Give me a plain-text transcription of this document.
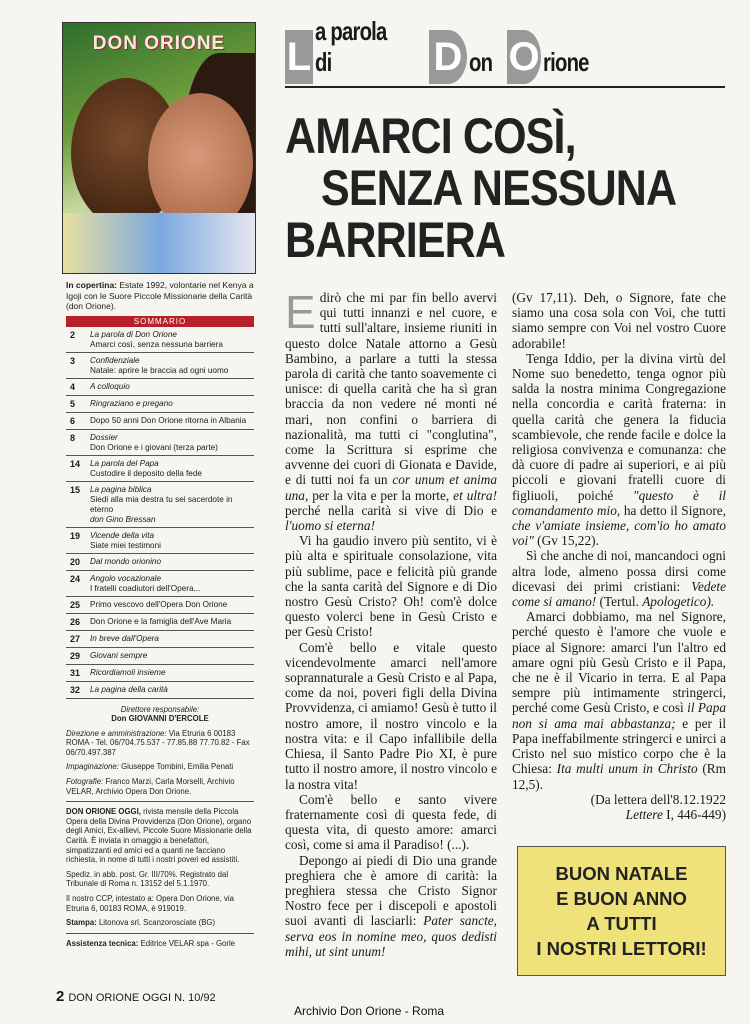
DON ORIONE
In copertina: Estate 1992, volontarie nel Kenya a Igoji con le Suore Piccole Missionarie della Carità (don Orione).
SOMMARIO
2	La parola di Don Orione
Amarci così, senza nessuna barriera
3	Confidenziale
Natale: aprire le braccia ad ogni uomo
4	A colloquio
5	Ringraziano e pregano
6	Dopo 50 anni Don Orione ritorna in Albania
8	Dossier
Don Orione e i giovani (terza parte)
14	La parola del Papa
Custodire il deposito della fede
15	La pagina biblica
Siedi alla mia destra tu sei sacerdote in eterno
don Gino Bressan
19	Vicende della vita
Siate miei testimoni
20	Dal mondo orionino
24	Angolo vocazionale
I fratelli coadiutori dell'Opera...
25	Primo vescovo dell'Opera Don Orione
26	Don Orione e la famiglia dell'Ave Maria
27	In breve dall'Opera
29	Giovani sempre
31	Ricordiamoli insieme
32	La pagina della carità

Direttore responsabile:
Don GIOVANNI D'ERCOLE

Direzione e amministrazione: Via Etruria 6 00183 ROMA - Tel. 06/704.75.537 - 77.85.88 77.70.82 - Fax 06/70.497.387

Impaginazione: Giuseppe Tombini, Emilia Penati

Fotografie: Franco Marzi, Carla Morselli, Archivio VELAR, Archivio Opera Don Orione.

DON ORIONE OGGI, rivista mensile della Piccola Opera della Divina Provvidenza (Don Orione), organo degli Amici, Ex-allievi, Piccole Suore Missionarie della Carità. È inviata in omaggio a benefattori, simpatizzanti ed amici ed a quanti ne facciano richiesta, in nome di tutti i nostri poveri ed assistiti.

Spediz. in abb. post. Gr. III/70%. Registrato dal Tribunale di Roma n. 13152 del 5.1.1970.

Il nostro CCP, intestato a: Opera Don Orione, via Etruria 6, 00183 ROMA, è 919019.

Stampa: Litonova srl. Scanzorosciate (BG)

Assistenza tecnica: Editrice VELAR spa - Gorle

L
a parola di	D on O rione
AMARCI COSÌ,
SENZA NESSUNA
BARRIERA

Edirò che mi par fin bello avervi qui tutti innanzi e nel cuore, e tutti sull'altare, insieme riuniti in questo dolce Natale attorno a Gesù Bambino, a parlare a tutti la stessa parola di carità che tanto soavemente ci unisce: di quella carità che ha sì gran braccia da non vedere né monti né mari, non confini o barriera di nazionalità, ma tutti ci "conglutina", come la Scrittura si esprime che avvenne dei cuori di Gionata e Davide, e di tutti noi fa un cor unum et anima una, per la vita e per la morte, et ultra! perché nella carità si vive di Dio e l'uomo si eterna!

Vi ha gaudio invero più sentito, vi è più alta e spirituale consolazione, vita più sublime, pace e felicità più grande che la santa carità del Signore e di Dio nostro Gesù Cristo? Oh! com'è dolce questo volerci bene in Gesù Cristo e per Gesù Cristo!

Com'è bello e vitale questo vicendevolmente amarci nell'amore soprannaturale a Gesù Cristo e al Papa, come da noi, poveri figli della Divina Provvidenza, ci amiamo! Gesù è tutto il nostro amore, il nostro vincolo e la nostra vita: e il Capo infallibile della Chiesa, il Santo Padre Pio XI, è pure tutto il nostro amore, il nostro vincolo e la nostra vita!

Com'è bello e santo vivere fraternamente così di questa fede, di questa vita, di questo amore: amarci così, come si ama il Paradiso! (...).

Depongo ai piedi di Dio una grande preghiera che è amore di carità: la preghiera stessa che Cristo Signor Nostro fece per i discepoli e apostoli suoi avanti di lasciarli: Pater sancte, serva eos in nomine meo, quos dedisti mihi, ut sint unum!

(Gv 17,11). Deh, o Signore, fate che siamo una cosa sola con Voi, che tutti siamo sempre con Voi nel vostro Cuore adorabile!

Tenga Iddio, per la divina virtù del Nome suo benedetto, tenga ognor più salda la nostra minima Congregazione nella concordia e carità fraterna: in quella carità che genera la fiducia scambievole, che rende facile e dolce la religiosa convivenza e comunanza: che dà cuore di padre ai superiori, e ai più piccoli e giovani fratelli cuore di figliuoli, poiché "questo è il comandamento mio, ha detto il Signore, che v'amiate insieme, com'io ho amato voi" (Gv 15,22).

Sì che anche di noi, mancandoci ogni altra lode, almeno possa dirsi come dicevasi dei primi cristiani: Vedete come si amano! (Tertul. Apologetico).

Amarci dobbiamo, ma nel Signore, perché questo è l'amore che vuole e piace al Signore: amarci l'un l'altro ed amare ogni più Gesù Cristo e il Papa, che ne è il Vicario in terra. E al Papa sempre più intimamente stringerci, perché come Gesù Cristo, e così il Papa non si ama mai abbastanza; e per il Papa ineffabilmente stringerci e unirci a Cristo nel suo mistico corpo che è la Chiesa: Ita multi unum in Christo (Rm 12,5).

(Da lettera dell'8.12.1922
Lettere I, 446-449)

BUON NATALE
E BUON ANNO
A TUTTI
I NOSTRI LETTORI!
2 DON ORIONE OGGI N. 10/92
Archivio Don Orione - Roma
